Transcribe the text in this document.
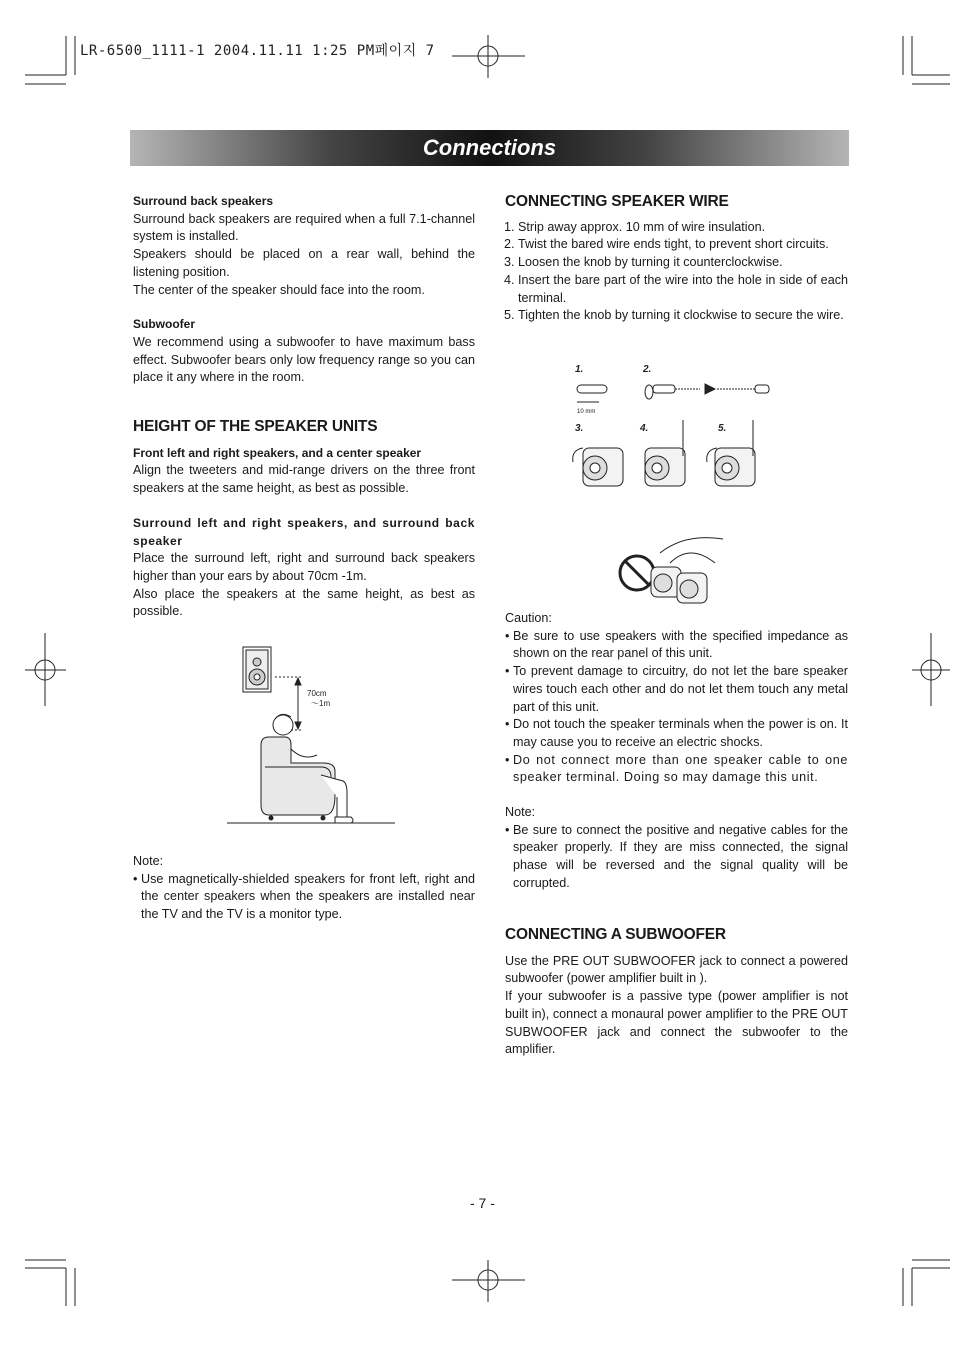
LR-6500_1111-1 2004.11.11 1:25 PM페이지 7
Connections

Surround back speakers

Surround back speakers are required when a full 7.1-channel system is installed.

Speakers should be placed on a rear wall, behind the listening position.

The center of the speaker should face into the room.

Subwoofer

We recommend using a subwoofer to have maximum bass effect. Subwoofer bears only low frequency range so you can place it any where in the room.

HEIGHT OF THE SPEAKER UNITS

Front left and right speakers, and a center speaker

Align the tweeters and mid-range drivers on the three front speakers at the same height, as best as possible.

Surround left and right speakers, and surround back speaker

Place the surround left, right and surround back speakers higher than your ears by about 70cm -1m.

Also place the speakers at the same height, as best as possible.

70cm
～1m

Note:

• Use magnetically-shielded speakers for front left, right and the center speakers when the speakers are installed near the TV and the TV is a monitor type.

CONNECTING SPEAKER WIRE

1. Strip away approx. 10 mm of wire insulation.
2. Twist the bared wire ends tight, to prevent short circuits.
3. Loosen the knob by turning it counterclockwise.
4. Insert the bare part of the wire into the hole in side of each terminal.
5. Tighten the knob by turning it clockwise to secure the wire.
1.	2.
3.	4.	5.
10 mm

Caution:

• Be sure to use speakers with the specified impedance as shown on the rear panel of this unit.
• To prevent damage to circuitry, do not let the bare speaker wires touch each other and do not let them touch any metal part of this unit.
• Do not touch the speaker terminals when the power is on. It may cause you to receive an electric shocks.
• Do not connect more than one speaker cable to one speaker terminal. Doing so may damage this unit.

Note:

• Be sure to connect the positive and negative cables for the speaker properly. If they are miss connected, the signal phase will be reversed and the signal quality will be corrupted.

CONNECTING A SUBWOOFER

Use the PRE OUT SUBWOOFER jack to connect a powered subwoofer (power amplifier built in ).

If your subwoofer is a passive type (power amplifier is not built in), connect a monaural power amplifier to the PRE OUT SUBWOOFER jack and connect the subwoofer to the amplifier.

- 7 -
